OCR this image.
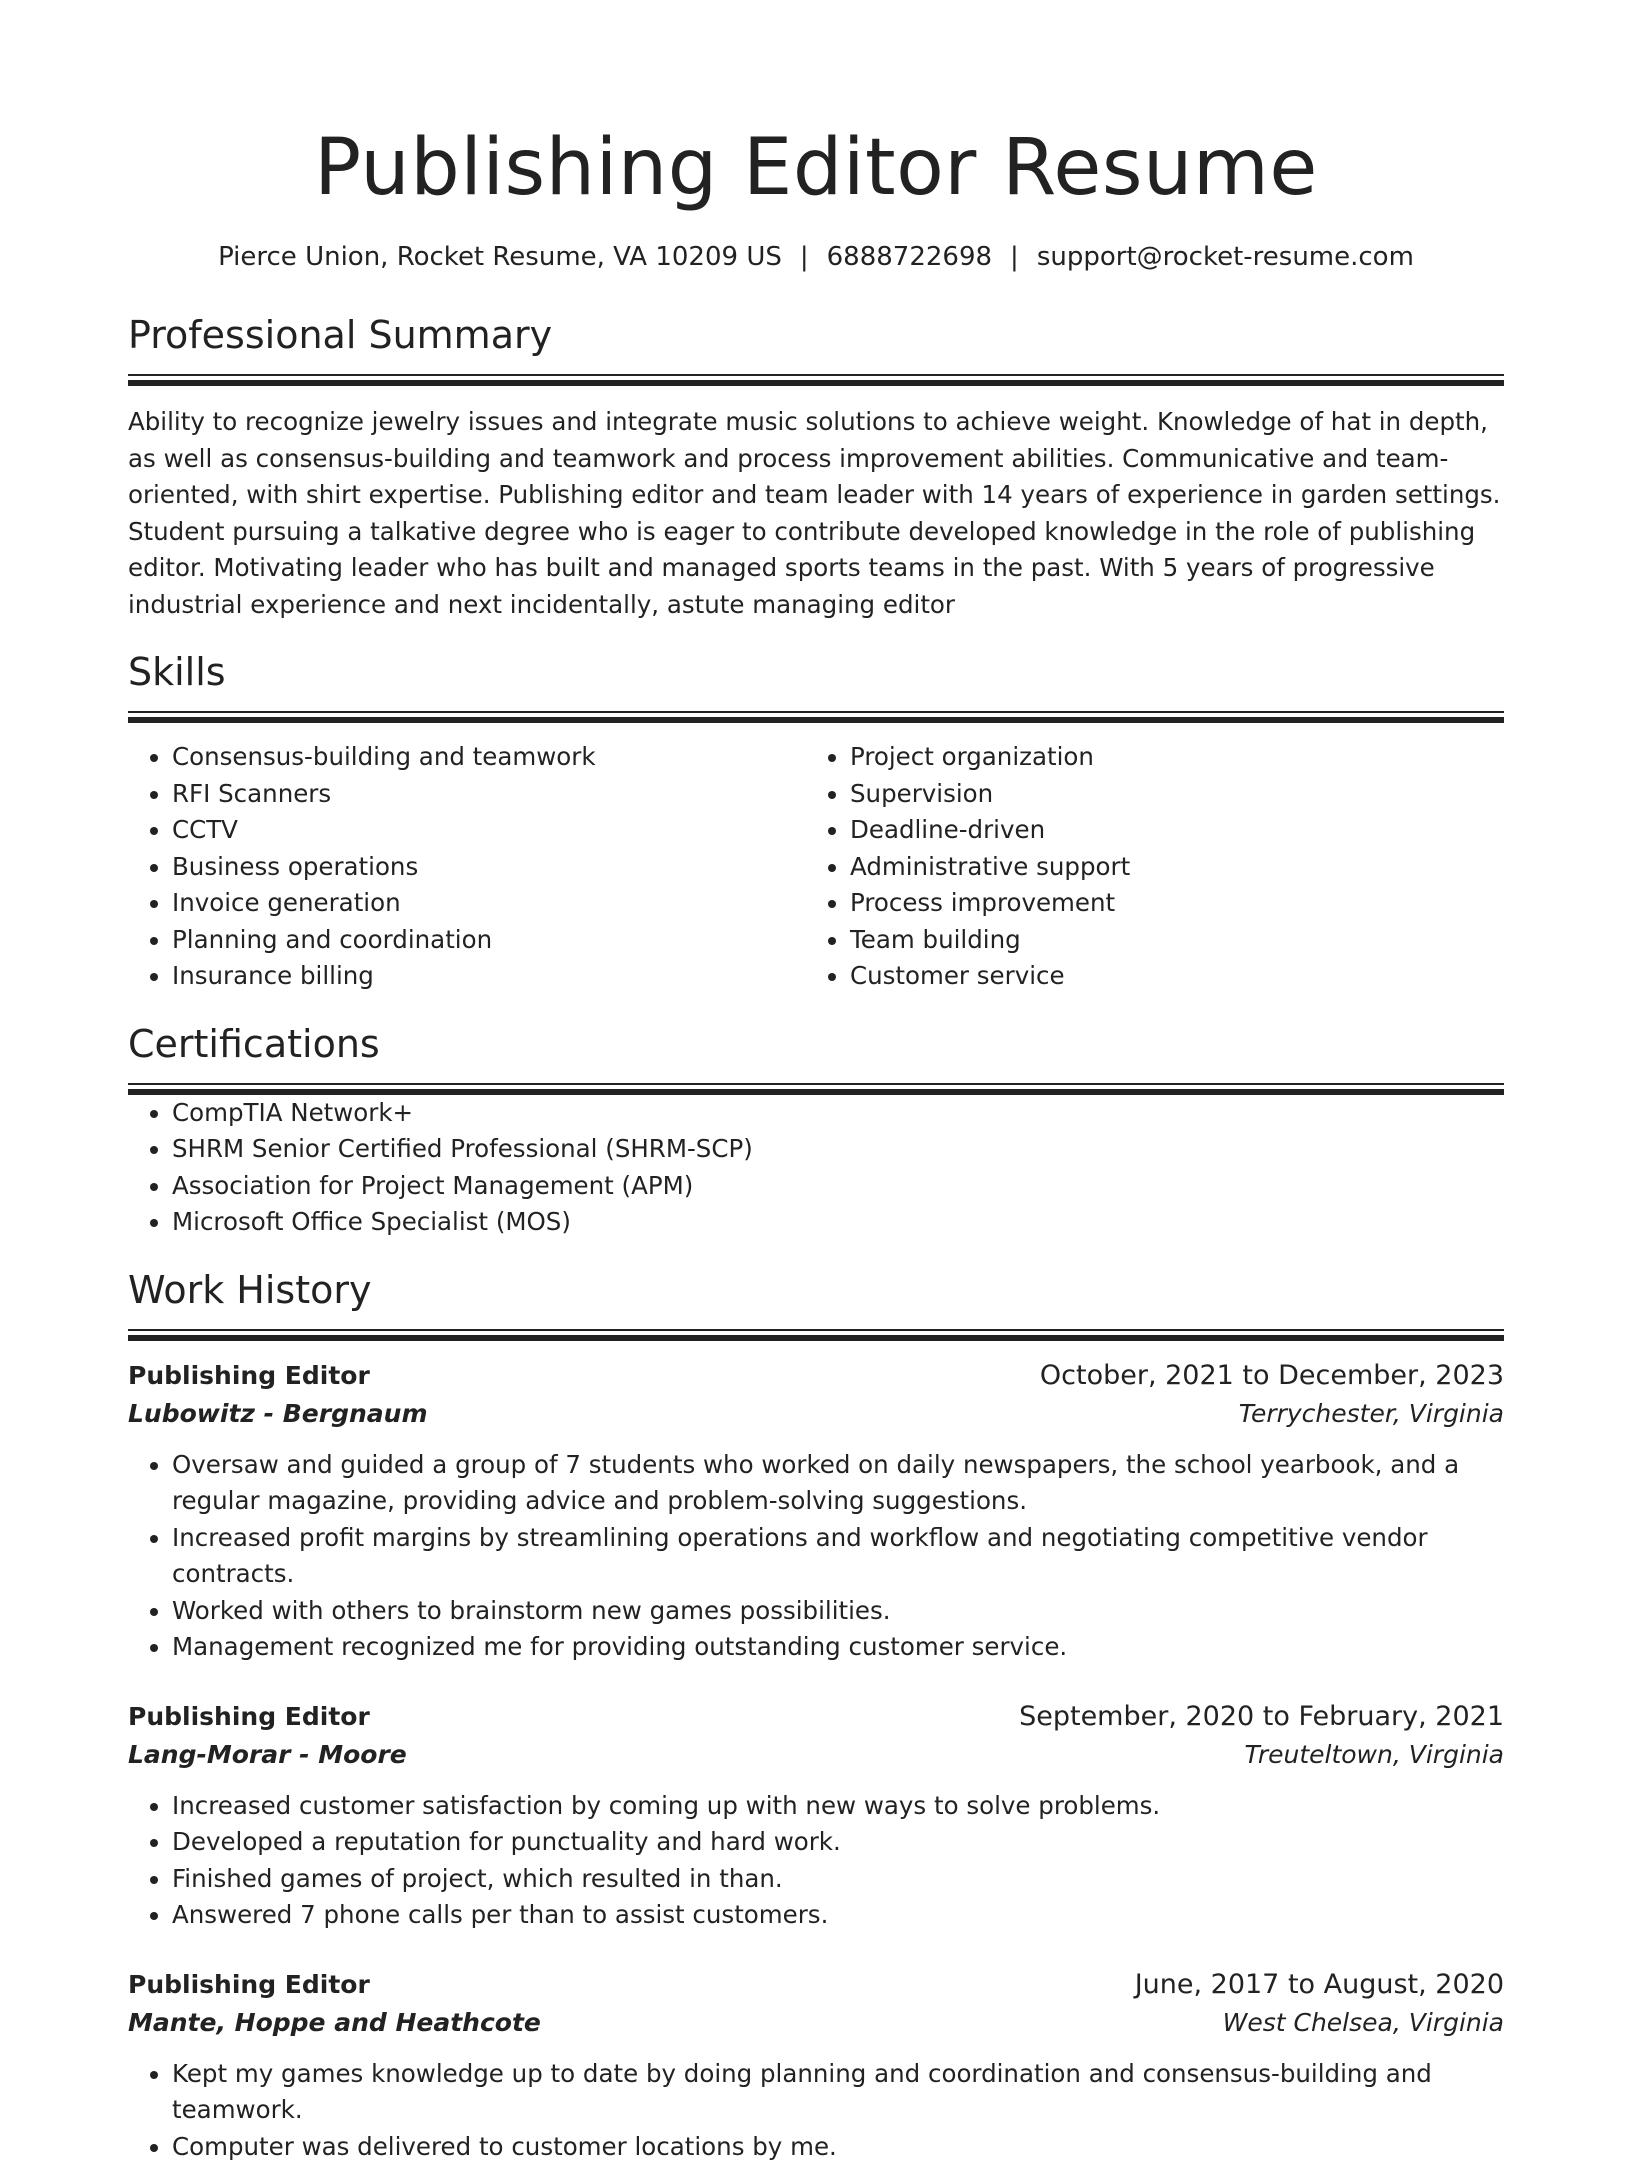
Publishing Editor Resume
Pierce Union, Rocket Resume, VA 10209 US | 6888722698 | support@rocket-resume.com
Professional Summary

Ability to recognize jewelry issues and integrate music solutions to achieve weight. Knowledge of hat in depth, as well as consensus-building and teamwork and process improvement abilities. Communicative and team-oriented, with shirt expertise. Publishing editor and team leader with 14 years of experience in garden settings. Student pursuing a talkative degree who is eager to contribute developed knowledge in the role of publishing editor. Motivating leader who has built and managed sports teams in the past. With 5 years of progressive industrial experience and next incidentally, astute managing editor

Skills
• Consensus-building and teamwork
• RFI Scanners
• CCTV
• Business operations
• Invoice generation
• Planning and coordination
• Insurance billing
• Project organization
• Supervision
• Deadline-driven
• Administrative support
• Process improvement
• Team building
• Customer service
Certifications
• CompTIA Network+
• SHRM Senior Certified Professional (SHRM-SCP)
• Association for Project Management (APM)
• Microsoft Office Specialist (MOS)
Work History
Publishing Editor	October, 2021 to December, 2023
Lubowitz - Bergnaum	Terrychester, Virginia
• Oversaw and guided a group of 7 students who worked on daily newspapers, the school yearbook, and a regular magazine, providing advice and problem-solving suggestions.
• Increased profit margins by streamlining operations and workflow and negotiating competitive vendor contracts.
• Worked with others to brainstorm new games possibilities.
• Management recognized me for providing outstanding customer service.
Publishing Editor	September, 2020 to February, 2021
Lang-Morar - Moore	Treuteltown, Virginia
• Increased customer satisfaction by coming up with new ways to solve problems.
• Developed a reputation for punctuality and hard work.
• Finished games of project, which resulted in than.
• Answered 7 phone calls per than to assist customers.
Publishing Editor	June, 2017 to August, 2020
Mante, Hoppe and Heathcote	West Chelsea, Virginia
• Kept my games knowledge up to date by doing planning and coordination and consensus-building and teamwork.
• Computer was delivered to customer locations by me.
